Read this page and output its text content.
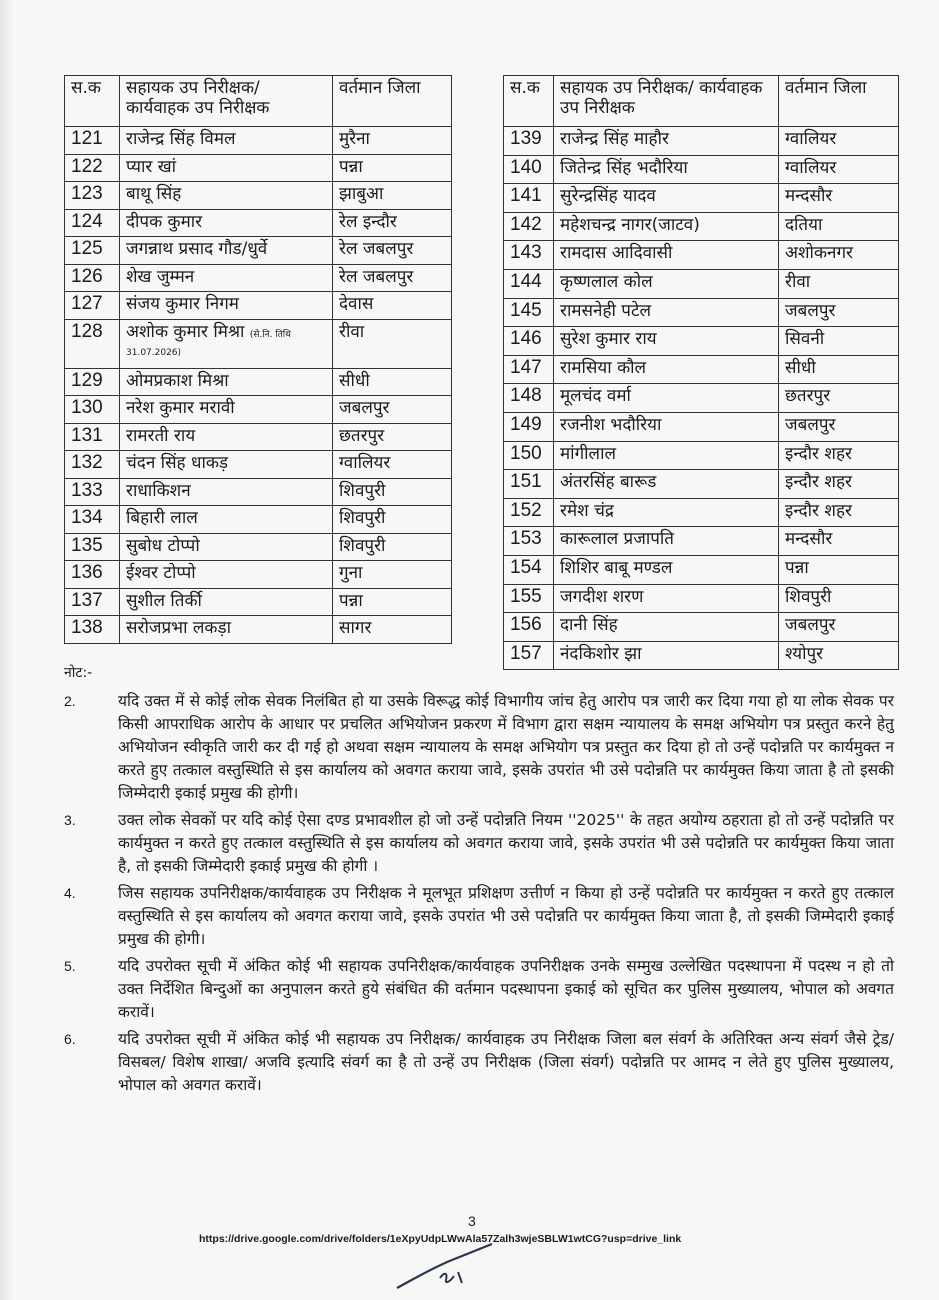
स.क	सहायक उप निरीक्षक/ कार्यवाहक उप निरीक्षक	वर्तमान जिला
121	राजेन्द्र सिंह विमल	मुरैना
122	प्यार खां	पन्ना
123	बाथू सिंह	झाबुआ
124	दीपक कुमार	रेल इन्दौर
125	जगन्नाथ प्रसाद गौड/धुर्वे	रेल जबलपुर
126	शेख जुम्मन	रेल जबलपुर
127	संजय कुमार निगम	देवास
128	अशोक कुमार मिश्रा (से.नि. तिथि 31.07.2026)	रीवा
129	ओमप्रकाश मिश्रा	सीधी
130	नरेश कुमार मरावी	जबलपुर
131	रामरती राय	छतरपुर
132	चंदन सिंह धाकड़	ग्वालियर
133	राधाकिशन	शिवपुरी
134	बिहारी लाल	शिवपुरी
135	सुबोध टोप्पो	शिवपुरी
136	ईश्वर टोप्पो	गुना
137	सुशील तिर्की	पन्ना
138	सरोजप्रभा लकड़ा	सागर
स.क	सहायक उप निरीक्षक/ कार्यवाहक उप निरीक्षक	वर्तमान जिला
139	राजेन्द्र सिंह माहौर	ग्वालियर
140	जितेन्द्र सिंह भदौरिया	ग्वालियर
141	सुरेन्द्रसिंह यादव	मन्दसौर
142	महेशचन्द्र नागर(जाटव)	दतिया
143	रामदास आदिवासी	अशोकनगर
144	कृष्णलाल कोल	रीवा
145	रामसनेही पटेल	जबलपुर
146	सुरेश कुमार राय	सिवनी
147	रामसिया कौल	सीधी
148	मूलचंद वर्मा	छतरपुर
149	रजनीश भदौरिया	जबलपुर
150	मांगीलाल	इन्दौर शहर
151	अंतरसिंह बारूड	इन्दौर शहर
152	रमेश चंद्र	इन्दौर शहर
153	कारूलाल प्रजापति	मन्दसौर
154	शिशिर बाबू मण्डल	पन्ना
155	जगदीश शरण	शिवपुरी
156	दानी सिंह	जबलपुर
157	नंदकिशोर झा	श्योपुर
नोट:-
2.	यदि उक्त में से कोई लोक सेवक निलंबित हो या उसके विरूद्ध कोई विभागीय जांच हेतु आरोप पत्र जारी कर दिया गया हो या लोक सेवक पर किसी आपराधिक आरोप के आधार पर प्रचलित अभियोजन प्रकरण में विभाग द्वारा सक्षम न्यायालय के समक्ष अभियोग पत्र प्रस्तुत करने हेतु अभियोजन स्वीकृति जारी कर दी गई हो अथवा सक्षम न्यायालय के समक्ष अभियोग पत्र प्रस्तुत कर दिया हो तो उन्हें पदोन्नति पर कार्यमुक्त न करते हुए तत्काल वस्तुस्थिति से इस कार्यालय को अवगत कराया जावे, इसके उपरांत भी उसे पदोन्नति पर कार्यमुक्त किया जाता है तो इसकी जिम्मेदारी इकाई प्रमुख की होगी।
3.	उक्त लोक सेवकों पर यदि कोई ऐसा दण्ड प्रभावशील हो जो उन्हें पदोन्नति नियम ''2025'' के तहत अयोग्य ठहराता हो तो उन्हें पदोन्नति पर कार्यमुक्त न करते हुए तत्काल वस्तुस्थिति से इस कार्यालय को अवगत कराया जावे, इसके उपरांत भी उसे पदोन्नति पर कार्यमुक्त किया जाता है, तो इसकी जिम्मेदारी इकाई प्रमुख की होगी ।
4.	जिस सहायक उपनिरीक्षक/कार्यवाहक उप निरीक्षक ने मूलभूत प्रशिक्षण उत्तीर्ण न किया हो उन्हें पदोन्नति पर कार्यमुक्त न करते हुए तत्काल वस्तुस्थिति से इस कार्यालय को अवगत कराया जावे, इसके उपरांत भी उसे पदोन्नति पर कार्यमुक्त किया जाता है, तो इसकी जिम्मेदारी इकाई प्रमुख की होगी।
5.	यदि उपरोक्त सूची में अंकित कोई भी सहायक उपनिरीक्षक/कार्यवाहक उपनिरीक्षक उनके सम्मुख उल्लेखित पदस्थापना में पदस्थ न हो तो उक्त निर्देशित बिन्दुओं का अनुपालन करते हुये संबंधित की वर्तमान पदस्थापना इकाई को सूचित कर पुलिस मुख्यालय, भोपाल को अवगत करावें।
6.	यदि उपरोक्त सूची में अंकित कोई भी सहायक उप निरीक्षक/ कार्यवाहक उप निरीक्षक जिला बल संवर्ग के अतिरिक्त अन्य संवर्ग जैसे ट्रेड/ विसबल/ विशेष शाखा/ अजवि इत्यादि संवर्ग का है तो उन्हें उप निरीक्षक (जिला संवर्ग) पदोन्नति पर आमद न लेते हुए पुलिस मुख्यालय, भोपाल को अवगत करावें।
3
https://drive.google.com/drive/folders/1eXpyUdpLWwAla57Zalh3wjeSBLW1wtCG?usp=drive_link
